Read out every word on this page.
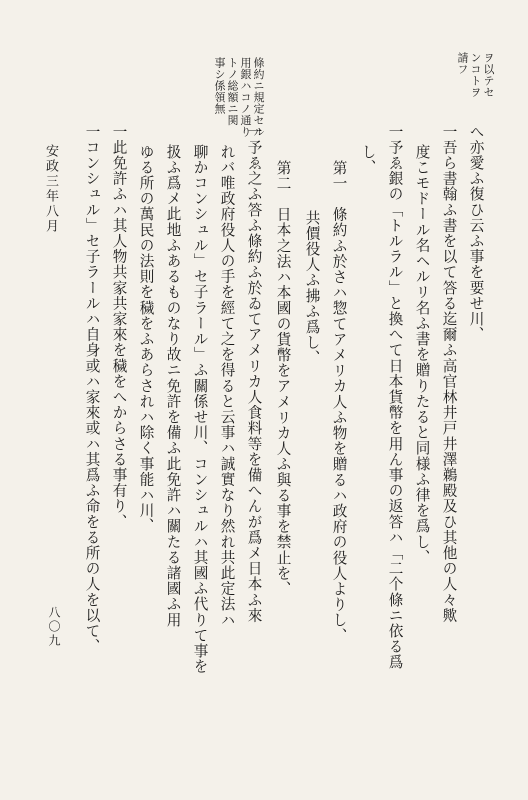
ヲ以テセ
ンコトヲ
請フ
條約ニ規定セル
用銀ハコノ通り
トノ総額ニ関
事シ係領無
へ亦愛ふ復ひ云ふ事を要せ川、
一吾ら書翰ふ書を以て答る迄爾ふ高官林井戸井澤鵜殿及ひ其他の人々歟
度こモドール名ヘルリ名ふ書を贈りたると同様ふ律を爲し、
一予ゑ銀の「トルラル」と換へて日本貨幣を用ん事の返答ハ「二个條ニ依る爲
し、
第一　條約ふ於さハ惣てアメリカ人ふ物を贈るハ政府の役人よりし、
共價役人ふ拂ふ爲し、
第二　日本之法ハ本國の貨幣をアメリカ人ふ與る事を禁止を、
一予ゑ之ふ答ふ條約ふ於ゐてアメリカ人食料等を備へんが爲メ日本ふ來
れバ唯政府役人の手を經て之を得ると云事ハ誠實なり然れ共此定法ハ
聊かコンシュル」セ子ラール」ふ關係せ川、コンシュルハ其國ふ代りて事を
扱ふ爲メ此地ふあるものなり故ニ免許を備ふ此免許ハ關たる諸國ふ用
ゆる所の萬民の法則を穢をふあらされハ除く事能ハ川、
一此免許ふハ其人物共家共家來を穢をへからさる事有り、
一コンシュル」セ子ラールハ自身或ハ家來或ハ其爲ふ命をる所の人を以て、
安政三年八月
八〇九
